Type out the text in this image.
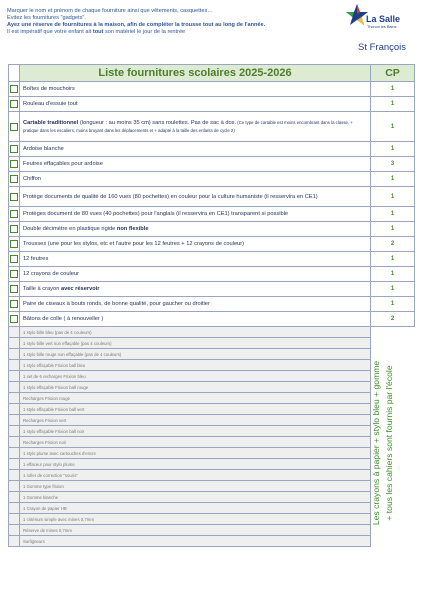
Marquer le nom et prénom de chaque fourniture ainsi que vêtements, casquettes…
Evitez les fournitures "gadgets".
Ayez une réserve de fournitures à la maison, afin de compléter la trousse tout au long de l'année.
Il est impératif que votre enfant ait tout son matériel le jour de la rentrée
La Salle
Thonon les Bains
St François
	Liste fournitures scolaires 2025-2026	CP

	Boîtes de mouchoirs	1

	Rouleau d'essuie tout	1

	Cartable traditionnel (longueur : au moins 35 cm) sans roulettes. Pas de sac à dos. (Ce type de cartable est moins encombrant dans la classe, + pratique dans les escaliers, moins bruyant dans les déplacements et + adapté à la taille des enfants de cycle 2)	1

	Ardoise blanche	1

	Feutres effaçables pour ardoise	3

	Chiffon	1

	Protège documents de qualité de 160 vues (80 pochettes) en couleur pour la culture humaniste (il resservira en CE1)	1

	Protèges document de 80 vues (40 pochettes) pour l'anglais (il resservira en CE1) transparent si possible	1

	Double décimètre en plastique rigide non flexible	1

	Trousses (une pour les stylos, etc et l'autre pour les 12 feutres + 12 crayons de couleur)	2

	12 feutres	1

	12 crayons de couleur	1

	Taille à crayon avec réservoir	1

	Paire de ciseaux à bouts ronds, de bonne qualité, pour gaucher ou droitier	1

	Bâtons de colle ( à renouveller )	2
	1 stylo bille bleu (pas de 4 couleurs)	
	1 stylo bille vert non effaçable (pas 4 couleurs)	
	1 stylo bille rouge non effaçable (pas de 4 couleurs)	
	1 stylo effaçable Frixion ball bleu	
	1 set de 6 recharges Frixion bleu	
	1 stylo effaçable Frixion ball rouge	
	Recharges Frixion rouge	
	1 stylo effaçable Frixion ball vert	
	Recharges Frixion vert	
	1 stylo effaçable Frixion ball noir	
	Recharges Frixion noir	
	1 stylo plume avec cartouches d'encre	
	1 effaceur pour stylo plume	
	1 roller de correction "souris"	
	1 Gomme type frixion	
	1 Gomme blanche	
	1 Crayon de papier HB	
	1 critérium simple avec mines 0,7mm	
	Réserve de mines 0,7mm	
	Surligneurs	
Les crayons à papier + stylo bleu + gomme + tous les cahiers sont fournis par l'école
